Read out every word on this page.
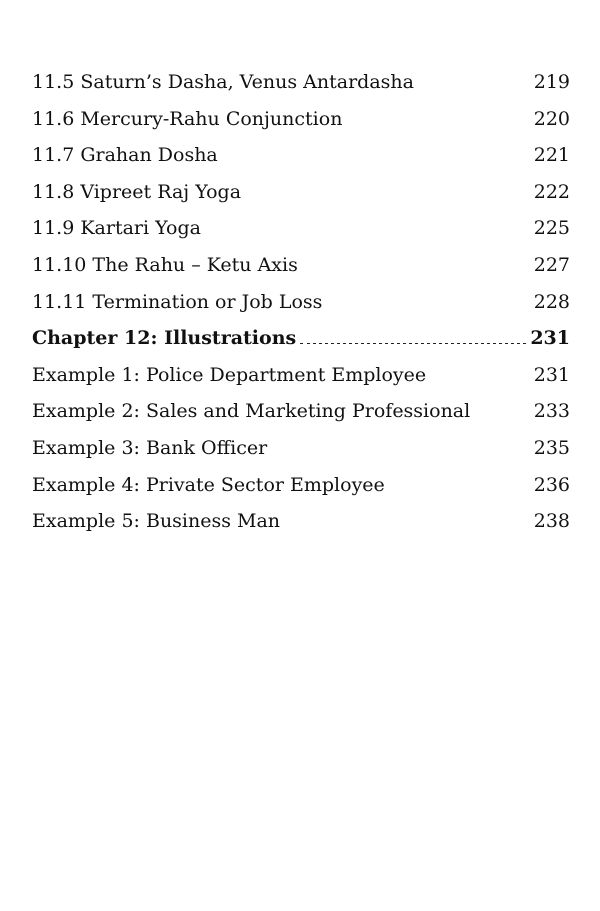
11.5 Saturn’s Dasha, Venus Antardasha	219
11.6 Mercury-Rahu Conjunction	220
11.7 Grahan Dosha	221
11.8 Vipreet Raj Yoga	222
11.9 Kartari Yoga	225
11.10 The Rahu – Ketu Axis	227
11.11 Termination or Job Loss	228
Chapter 12: Illustrations	231
Example 1: Police Department Employee	231
Example 2: Sales and Marketing Professional	233
Example 3: Bank Officer	235
Example 4: Private Sector Employee	236
Example 5: Business Man	238
